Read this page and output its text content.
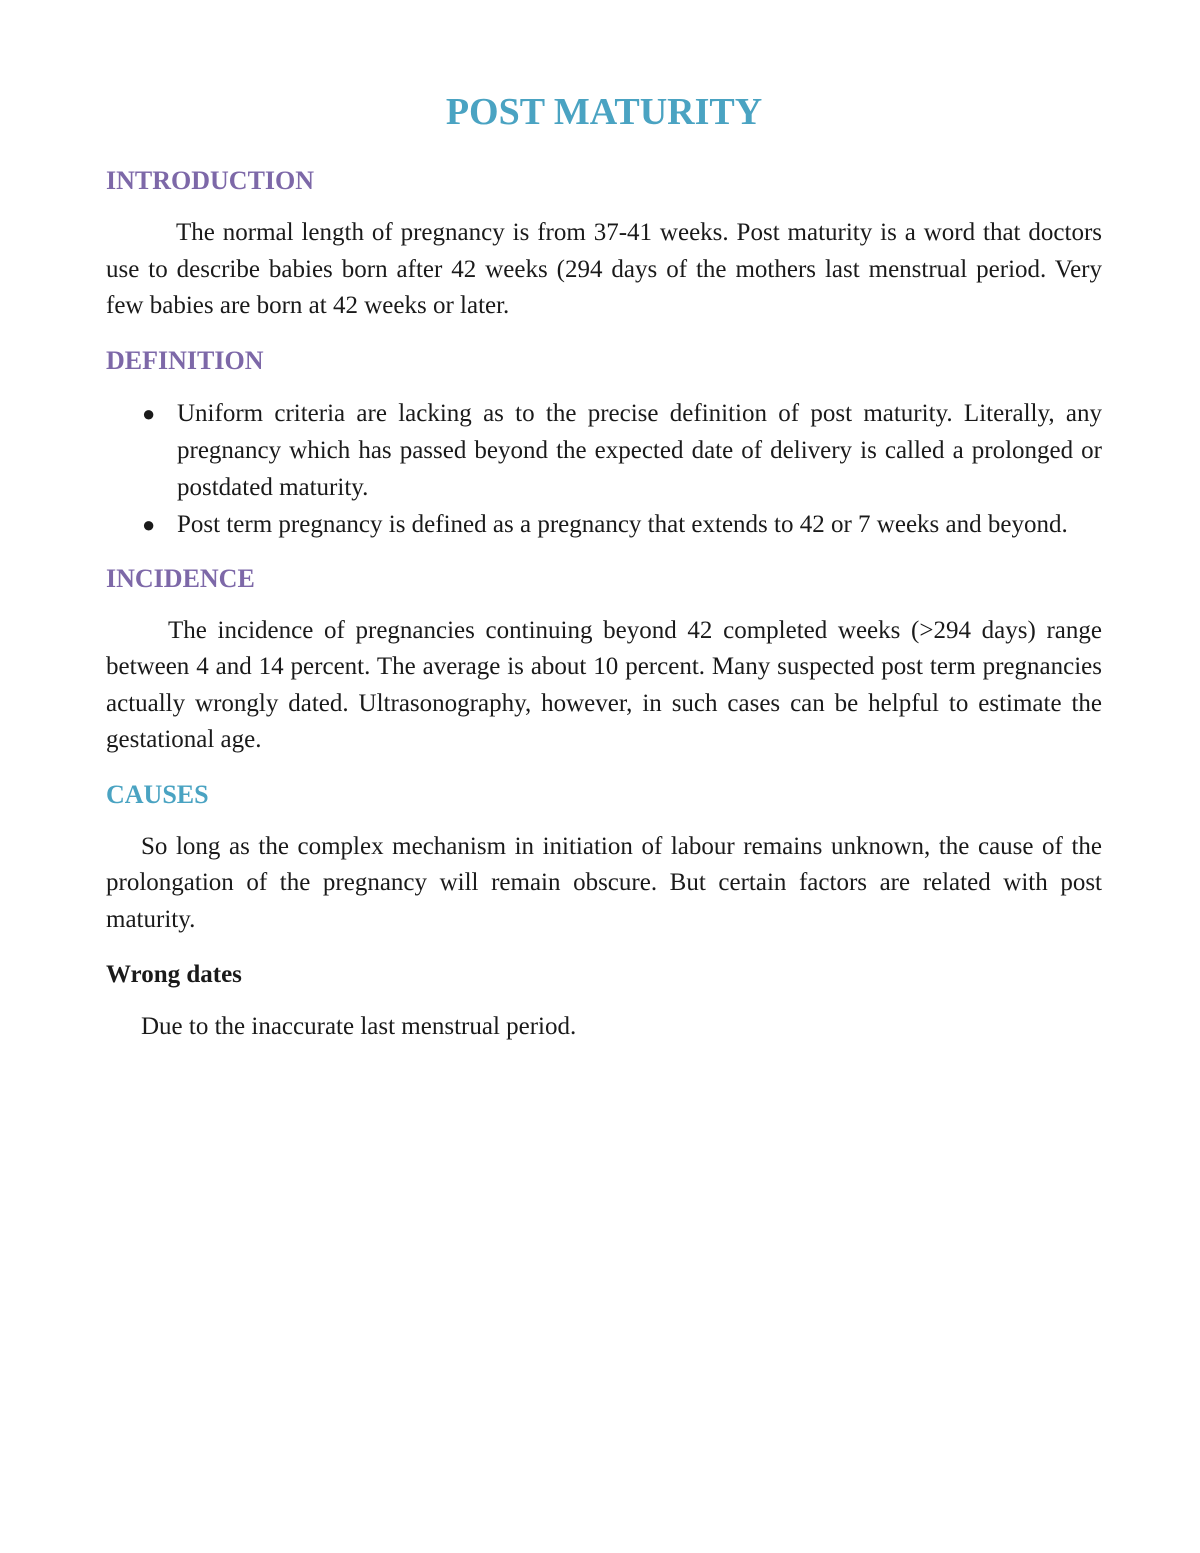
POST MATURITY
INTRODUCTION

The normal length of pregnancy is from 37-41 weeks. Post maturity is a word that doctors use to describe babies born after 42 weeks (294 days of the mothers last menstrual period. Very few babies are born at 42 weeks or later.

DEFINITION
● Uniform criteria are lacking as to the precise definition of post maturity. Literally, any pregnancy which has passed beyond the expected date of delivery is called a prolonged or postdated maturity.
● Post term pregnancy is defined as a pregnancy that extends to 42 or 7 weeks and beyond.
INCIDENCE

The incidence of pregnancies continuing beyond 42 completed weeks (>294 days) range between 4 and 14 percent. The average is about 10 percent. Many suspected post term pregnancies actually wrongly dated. Ultrasonography, however, in such cases can be helpful to estimate the gestational age.

CAUSES

So long as the complex mechanism in initiation of labour remains unknown, the cause of the prolongation of the pregnancy will remain obscure. But certain factors are related with post maturity.

Wrong dates

Due to the inaccurate last menstrual period.
